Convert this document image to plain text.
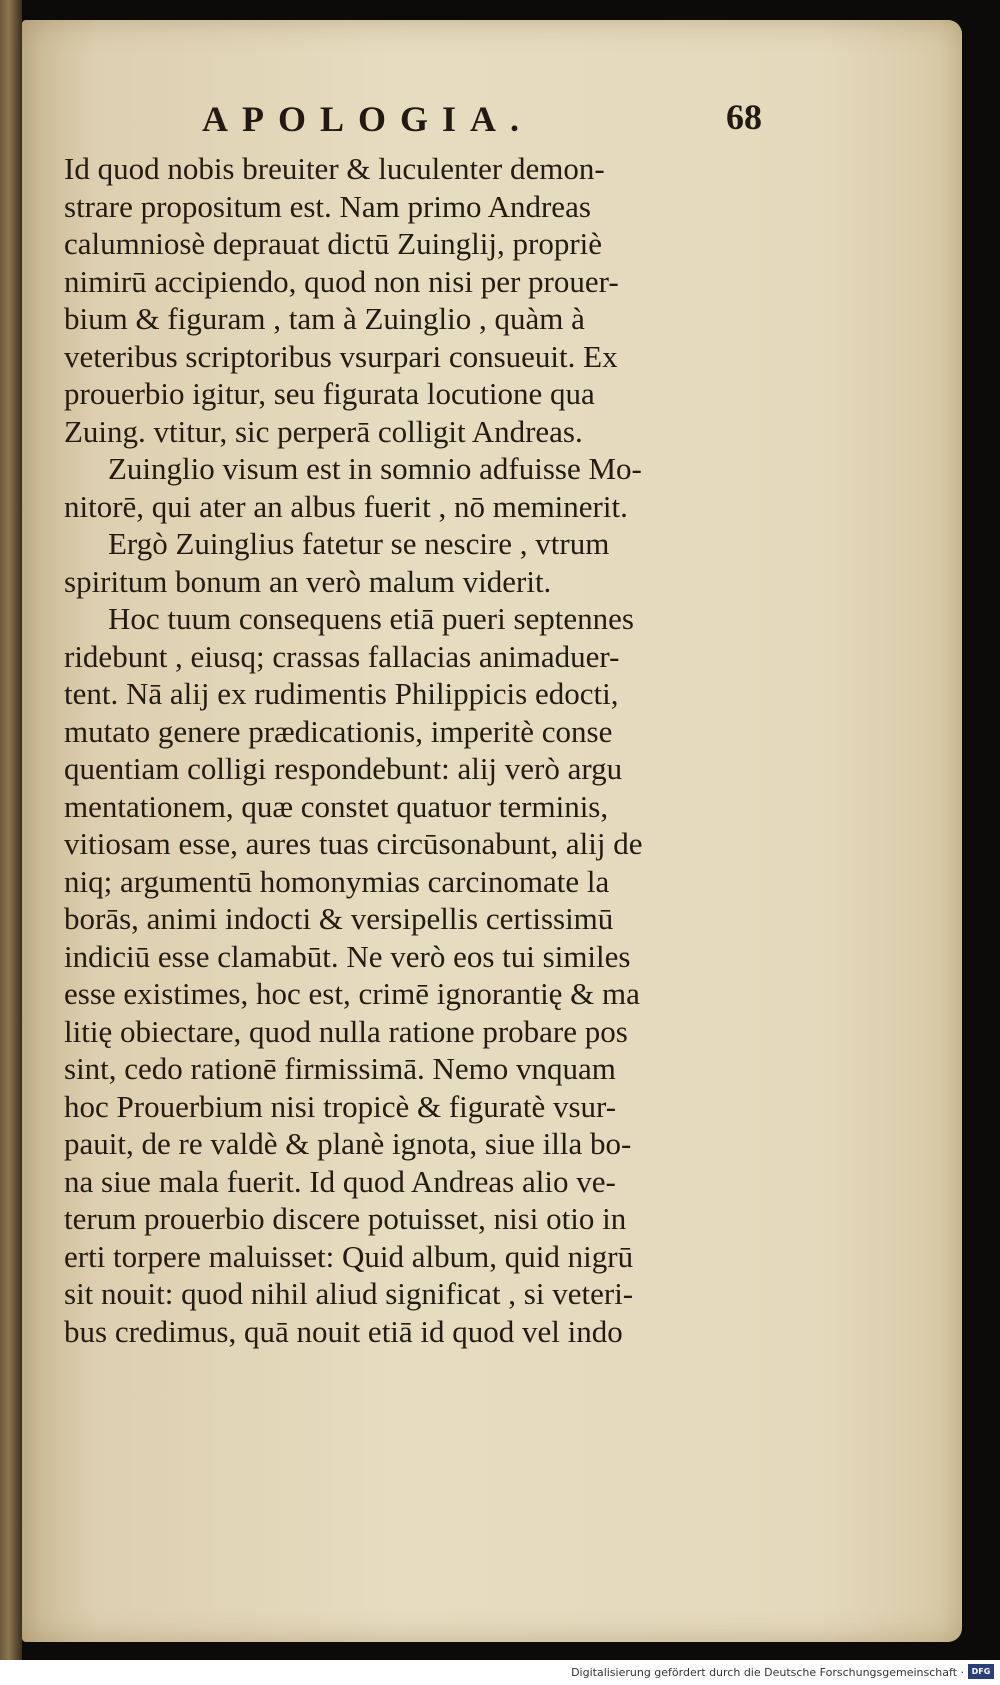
APOLOGIA.	68
Id quod nobis breuiter & luculenter demon-
strare propositum est. Nam primo Andreas
calumniosè deprauat dictū Zuinglij, propriè
nimirū accipiendo, quod non nisi per prouer-
bium & figuram , tam à Zuinglio , quàm à
veteribus scriptoribus vsurpari consueuit. Ex
prouerbio igitur, seu figurata locutione qua
Zuing. vtitur, sic perperā colligit Andreas.
Zuinglio visum est in somnio adfuisse Mo-
nitorē, qui ater an albus fuerit , nō meminerit.
Ergò Zuinglius fatetur se nescire , vtrum
spiritum bonum an verò malum viderit.
Hoc tuum consequens etiā pueri septennes
ridebunt , eiusq; crassas fallacias animaduer-
tent. Nā alij ex rudimentis Philippicis edocti,
mutato genere prædicationis, imperitè conse
quentiam colligi respondebunt: alij verò argu
mentationem, quæ constet quatuor terminis,
vitiosam esse, aures tuas circūsonabunt, alij de
niq; argumentū homonymias carcinomate la
borās, animi indocti & versipellis certissimū
indiciū esse clamabūt. Ne verò eos tui similes
esse existimes, hoc est, crimē ignorantię & ma
litię obiectare, quod nulla ratione probare pos
sint, cedo rationē firmissimā. Nemo vnquam
hoc Prouerbium nisi tropicè & figuratè vsur-
pauit, de re valdè & planè ignota, siue illa bo-
na siue mala fuerit. Id quod Andreas alio ve-
terum prouerbio discere potuisset, nisi otio in
erti torpere maluisset: Quid album, quid nigrū
sit nouit: quod nihil aliud significat , si veteri-
bus credimus, quā nouit etiā id quod vel indo
Digitalisierung gefördert durch die Deutsche Forschungsgemeinschaft · DFG
